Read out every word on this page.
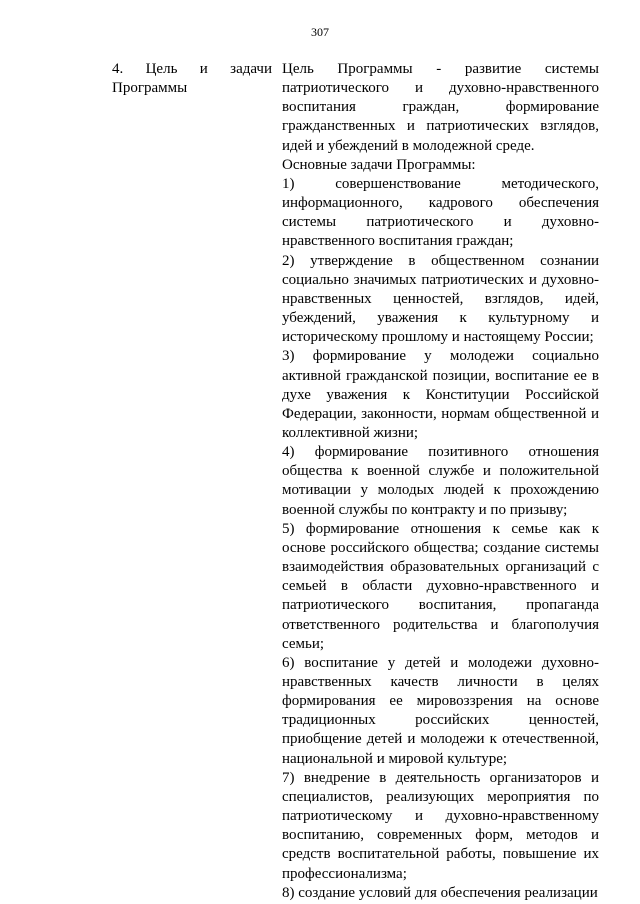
307
4. Цель и задачи
Программы

Цель Программы - развитие системы патриотического и духовно-нравственного воспитания граждан, формирование гражданственных и патриотических взглядов, идей и убеждений в молодежной среде.

Основные задачи Программы:

1) совершенствование методического, информационного, кадрового обеспечения системы патриотического и духовно-нравственного воспитания граждан;

2) утверждение в общественном сознании социально значимых патриотических и духовно-нравственных ценностей, взглядов, идей, убеждений, уважения к культурному и историческому прошлому и настоящему России;

3) формирование у молодежи социально активной гражданской позиции, воспитание ее в духе уважения к Конституции Российской Федерации, законности, нормам общественной и коллективной жизни;

4) формирование позитивного отношения общества к военной службе и положительной мотивации у молодых людей к прохождению военной службы по контракту и по призыву;

5) формирование отношения к семье как к основе российского общества; создание системы взаимодействия образовательных организаций с семьей в области духовно-нравственного и патриотического воспитания, пропаганда ответственного родительства и благополучия семьи;

6) воспитание у детей и молодежи духовно-нравственных качеств личности в целях формирования ее мировоззрения на основе традиционных российских ценностей, приобщение детей и молодежи к отечественной, национальной и мировой культуре;

7) внедрение в деятельность организаторов и специалистов, реализующих мероприятия по патриотическому и духовно-нравственному воспитанию, современных форм, методов и средств воспитательной работы, повышение их профессионализма;

8) создание условий для обеспечения реализации
